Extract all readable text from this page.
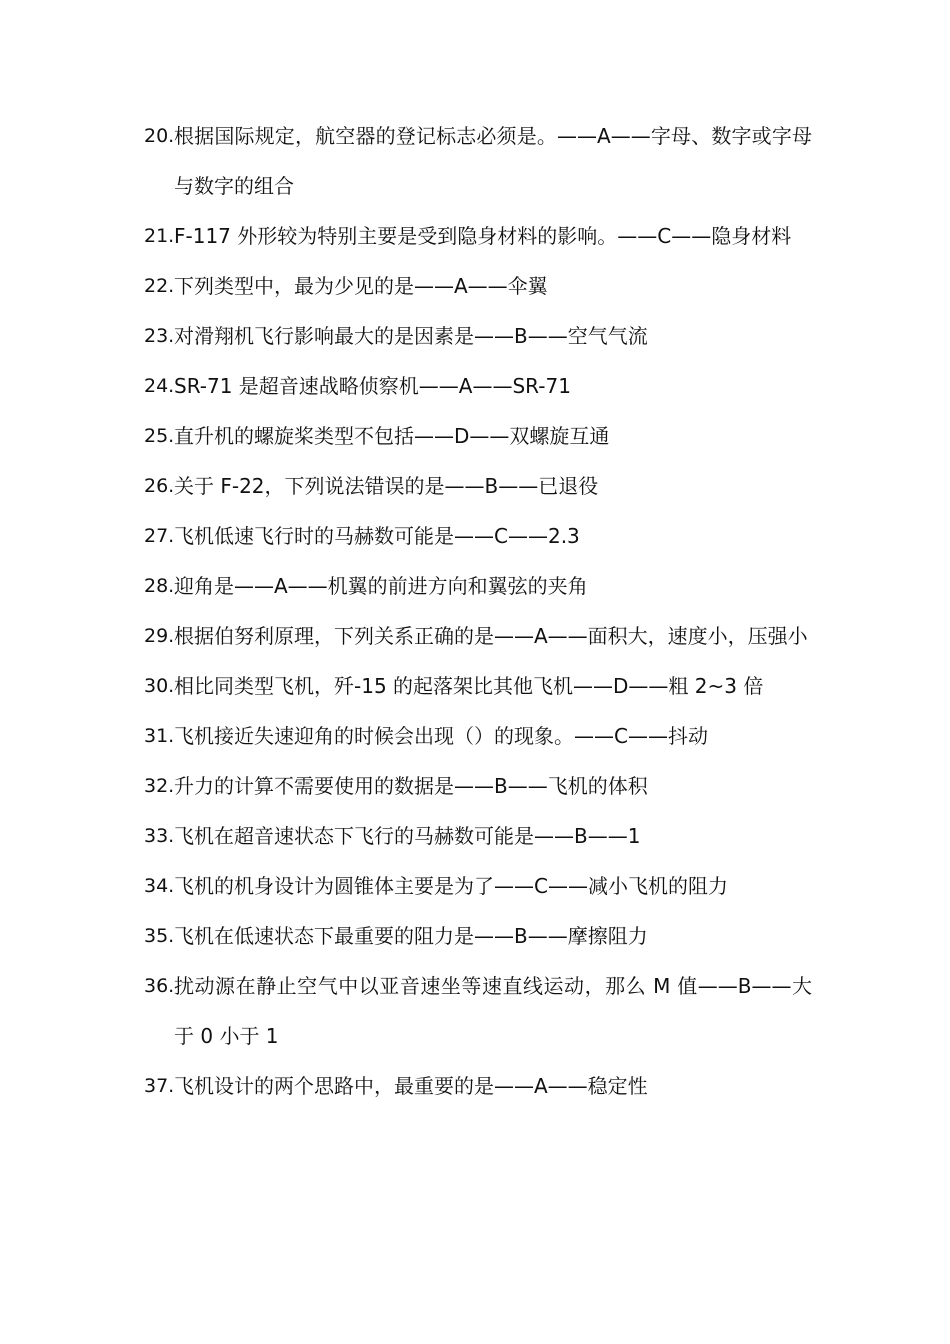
20. 根据国际规定，航空器的登记标志必须是。——A——字母、数字或字母与数字的组合
21. F-117 外形较为特别主要是受到隐身材料的影响。——C——隐身材料
22. 下列类型中，最为少见的是——A——伞翼
23. 对滑翔机飞行影响最大的是因素是——B——空气气流
24. SR-71 是超音速战略侦察机——A——SR-71
25. 直升机的螺旋桨类型不包括——D——双螺旋互通
26. 关于 F-22，下列说法错误的是——B——已退役
27. 飞机低速飞行时的马赫数可能是——C——2.3
28. 迎角是——A——机翼的前进方向和翼弦的夹角
29. 根据伯努利原理，下列关系正确的是——A——面积大，速度小，压强小
30. 相比同类型飞机，歼-15 的起落架比其他飞机——D——粗 2~3 倍
31. 飞机接近失速迎角的时候会出现（）的现象。——C——抖动
32. 升力的计算不需要使用的数据是——B——飞机的体积
33. 飞机在超音速状态下飞行的马赫数可能是——B——1
34. 飞机的机身设计为圆锥体主要是为了——C——减小飞机的阻力
35. 飞机在低速状态下最重要的阻力是——B——摩擦阻力
36. 扰动源在静止空气中以亚音速坐等速直线运动，那么 M 值——B——大于 0 小于 1
37. 飞机设计的两个思路中，最重要的是——A——稳定性
